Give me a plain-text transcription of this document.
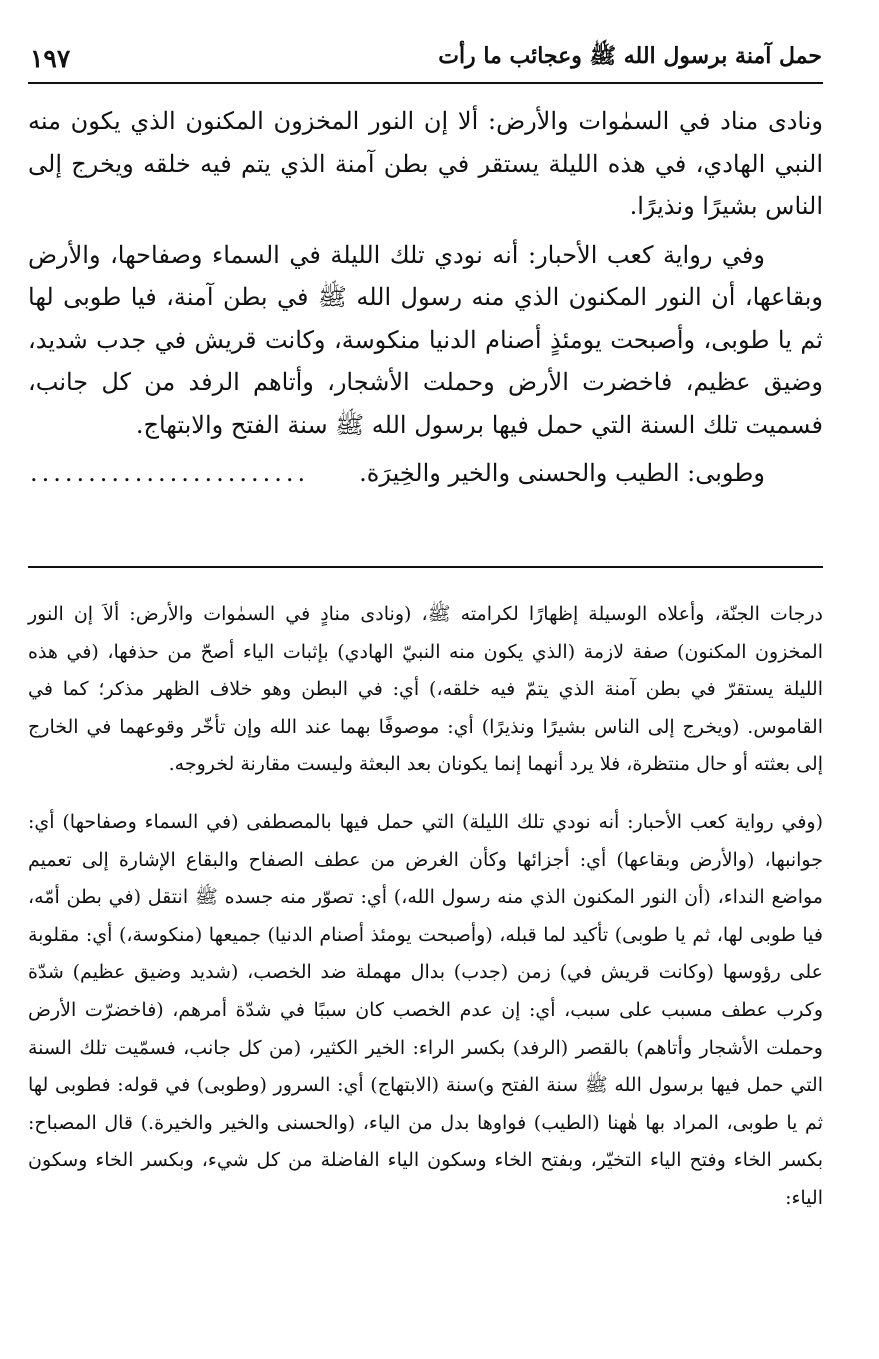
حمل آمنة برسول الله ﷺ وعجائب ما رأت
١٩٧

ونادى مناد في السمٰوات والأرض: ألا إن النور المخزون المكنون الذي يكون منه النبي الهادي، في هذه الليلة يستقر في بطن آمنة الذي يتم فيه خلقه ويخرج إلى الناس بشيرًا ونذيرًا.

وفي رواية كعب الأحبار: أنه نودي تلك الليلة في السماء وصفاحها، والأرض وبقاعها، أن النور المكنون الذي منه رسول الله ﷺ في بطن آمنة، فيا طوبى لها ثم يا طوبى، وأصبحت يومئذٍ أصنام الدنيا منكوسة، وكانت قريش في جدب شديد، وضيق عظيم، فاخضرت الأرض وحملت الأشجار، وأتاهم الرفد من كل جانب، فسميت تلك السنة التي حمل فيها برسول الله ﷺ سنة الفتح والابتهاج.

وطوبى: الطيب والحسنى والخير والخِيرَة.
........................

درجات الجنّة، وأعلاه الوسيلة إظهارًا لكرامته ﷺ، (ونادى منادٍ في السمٰوات والأرض: ألاَ إن النور المخزون المكنون) صفة لازمة (الذي يكون منه النبيّ الهادي) بإثبات الياء أصحّ من حذفها، (في هذه الليلة يستقرّ في بطن آمنة الذي يتمّ فيه خلقه،) أي: في البطن وهو خلاف الظهر مذكر؛ كما في القاموس. (ويخرج إلى الناس بشيرًا ونذيرًا) أي: موصوفًا بهما عند الله وإن تأخّر وقوعهما في الخارج إلى بعثته أو حال منتظرة، فلا يرد أنهما إنما يكونان بعد البعثة وليست مقارنة لخروجه.

(وفي رواية كعب الأحبار: أنه نودي تلك الليلة) التي حمل فيها بالمصطفى (في السماء وصفاحها) أي: جوانبها، (والأرض وبقاعها) أي: أجزائها وكأن الغرض من عطف الصفاح والبقاع الإشارة إلى تعميم مواضع النداء، (أن النور المكنون الذي منه رسول الله،) أي: تصوّر منه جسده ﷺ انتقل (في بطن أمّه، فيا طوبى لها، ثم يا طوبى) تأكيد لما قبله، (وأصبحت يومئذ أصنام الدنيا) جميعها (منكوسة،) أي: مقلوبة على رؤوسها (وكانت قريش في) زمن (جدب) بدال مهملة ضد الخصب، (شديد وضيق عظيم) شدّة وكرب عطف مسبب على سبب، أي: إن عدم الخصب كان سببًا في شدّة أمرهم، (فاخضرّت الأرض وحملت الأشجار وأتاهم) بالقصر (الرفد) بكسر الراء: الخير الكثير، (من كل جانب، فسمّيت تلك السنة التي حمل فيها برسول الله ﷺ سنة الفتح و)سنة (الابتهاج) أي: السرور (وطوبى) في قوله: فطوبى لها ثم يا طوبى، المراد بها هٰهنا (الطيب) فواوها بدل من الياء، (والحسنى والخير والخيرة.) قال المصباح: بكسر الخاء وفتح الياء التخيّر، وبفتح الخاء وسكون الياء الفاضلة من كل شيء، وبكسر الخاء وسكون الياء:
